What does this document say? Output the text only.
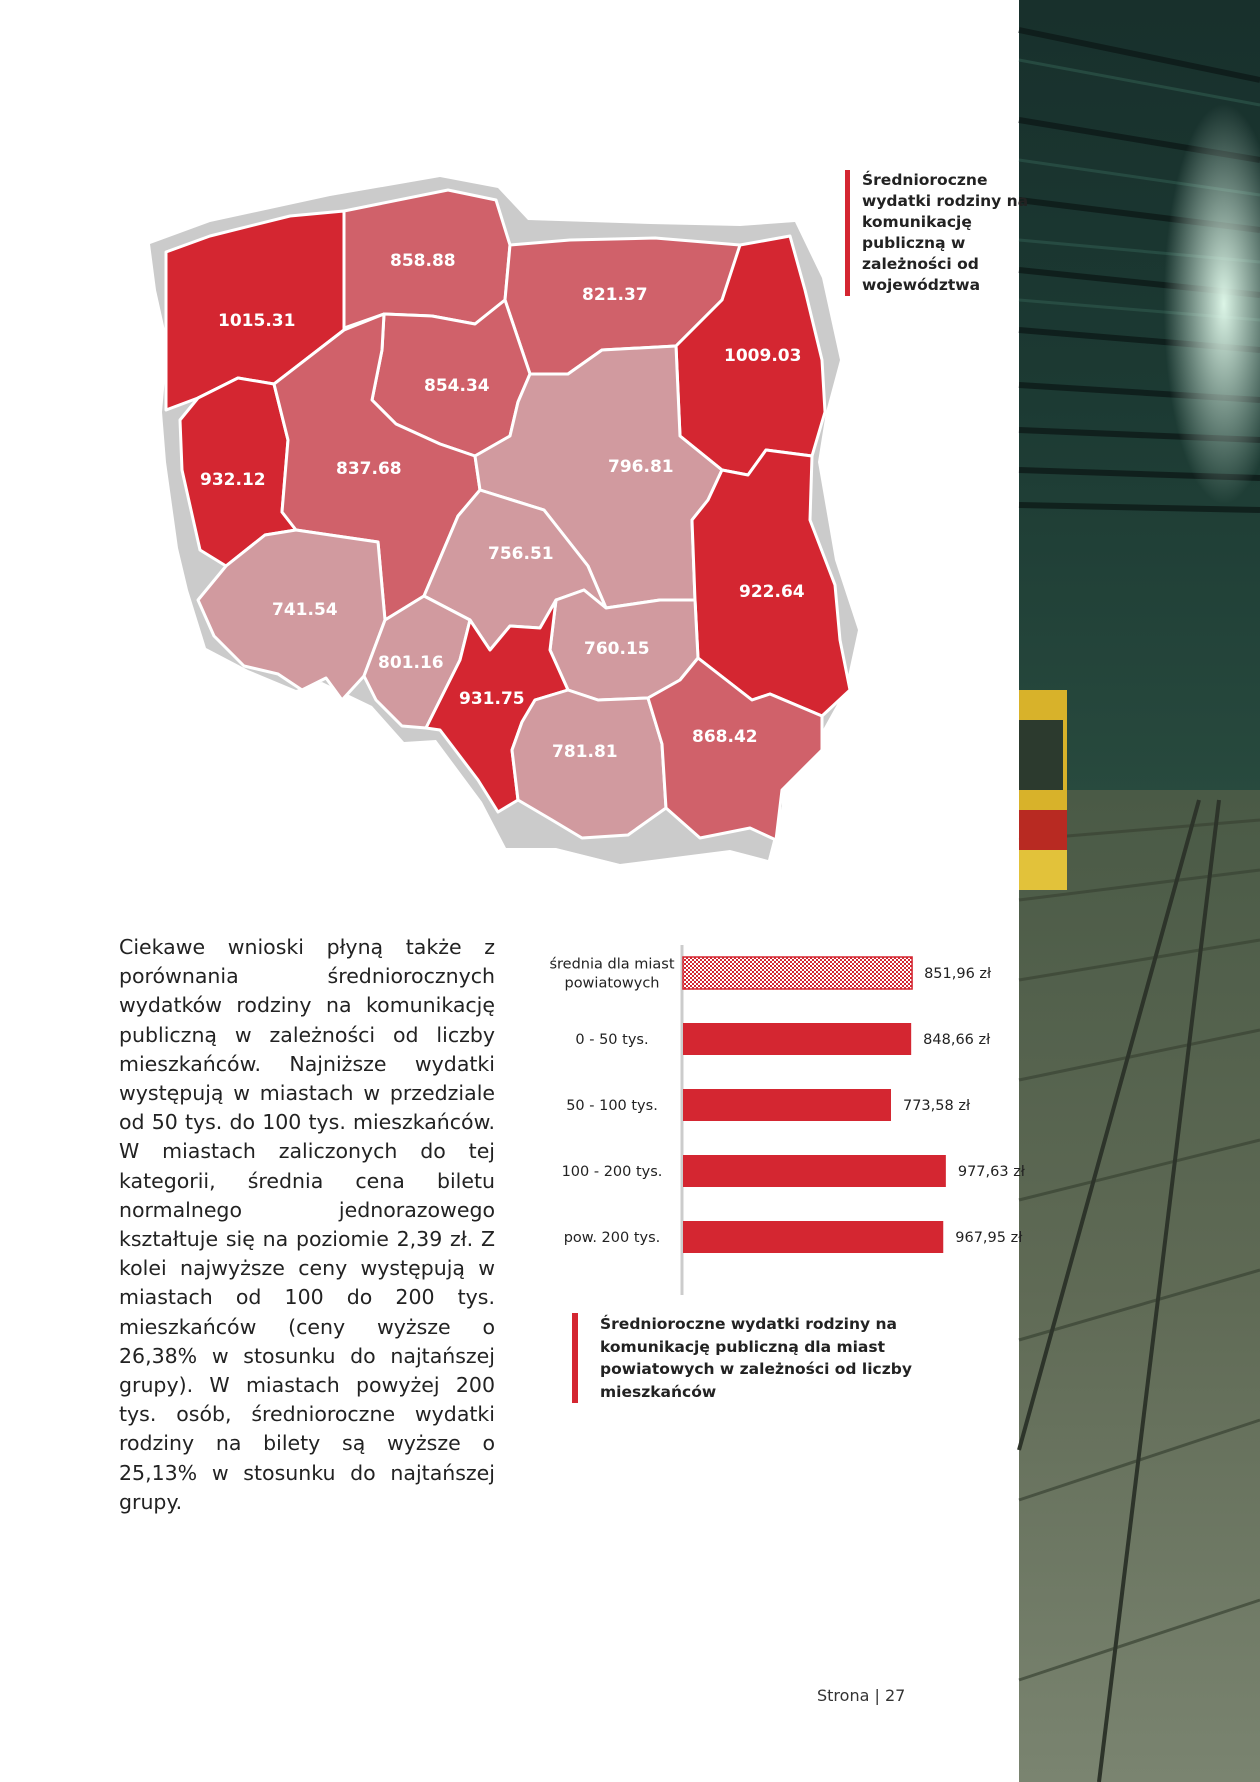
1015.31
858.88
821.37
1009.03
854.34
932.12
837.68	796.81
756.51
922.64
741.54
801.16
760.15
931.75
781.81
868.42
Średnioroczne wydatki rodziny na komunikację publiczną w zależności od województwa

Ciekawe wnioski płyną także z porównania średniorocznych wydatków rodziny na komunikację publiczną w zależności od liczby mieszkańców. Najniższe wydatki występują w miastach w przedziale od 50 tys. do 100 tys. mieszkańców. W miastach zaliczonych do tej kategorii, średnia cena biletu normalnego jednorazowego kształtuje się na poziomie 2,39 zł. Z kolei najwyższe ceny występują w miastach od 100 do 200 tys. mieszkańców (ceny wyższe o 26,38% w stosunku do najtańszej grupy). W miastach powyżej 200 tys. osób, średnioroczne wydatki rodziny na bilety są wyższe o 25,13% w stosunku do najtańszej grupy.

średnia dla miast powiatowych
0 - 50 tys.
50 - 100 tys.
100 - 200 tys.
pow. 200 tys.
851,96 zł
848,66 zł
773,58 zł
977,63 zł
967,95 zł
Średnioroczne wydatki rodziny na komunikację publiczną dla miast powiatowych w zależności od liczby mieszkańców
Strona | 27
